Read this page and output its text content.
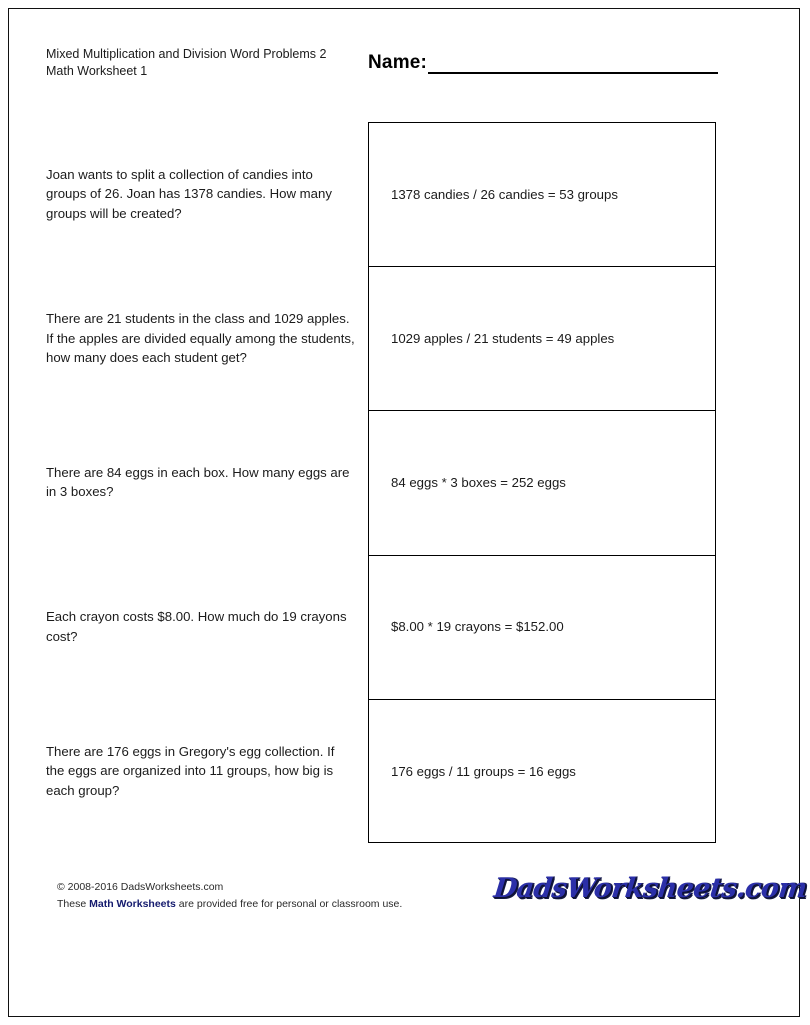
Mixed Multiplication and Division Word Problems 2
Math Worksheet 1	Name:
Joan wants to split a collection of candies into groups of 26. Joan has 1378 candies. How many groups will be created?
There are 21 students in the class and 1029 apples. If the apples are divided equally among the students, how many does each student get?
There are 84 eggs in each box. How many eggs are in 3 boxes?
Each crayon costs $8.00. How much do 19 crayons cost?
There are 176 eggs in Gregory's egg collection. If the eggs are organized into 11 groups, how big is each group?
1378 candies / 26 candies = 53 groups
1029 apples / 21 students = 49 apples
84 eggs * 3 boxes = 252 eggs
$8.00 * 19 crayons = $152.00
176 eggs / 11 groups = 16 eggs
© 2008-2016 DadsWorksheets.com
These Math Worksheets are provided free for personal or classroom use.	DadsWorksheets.com
